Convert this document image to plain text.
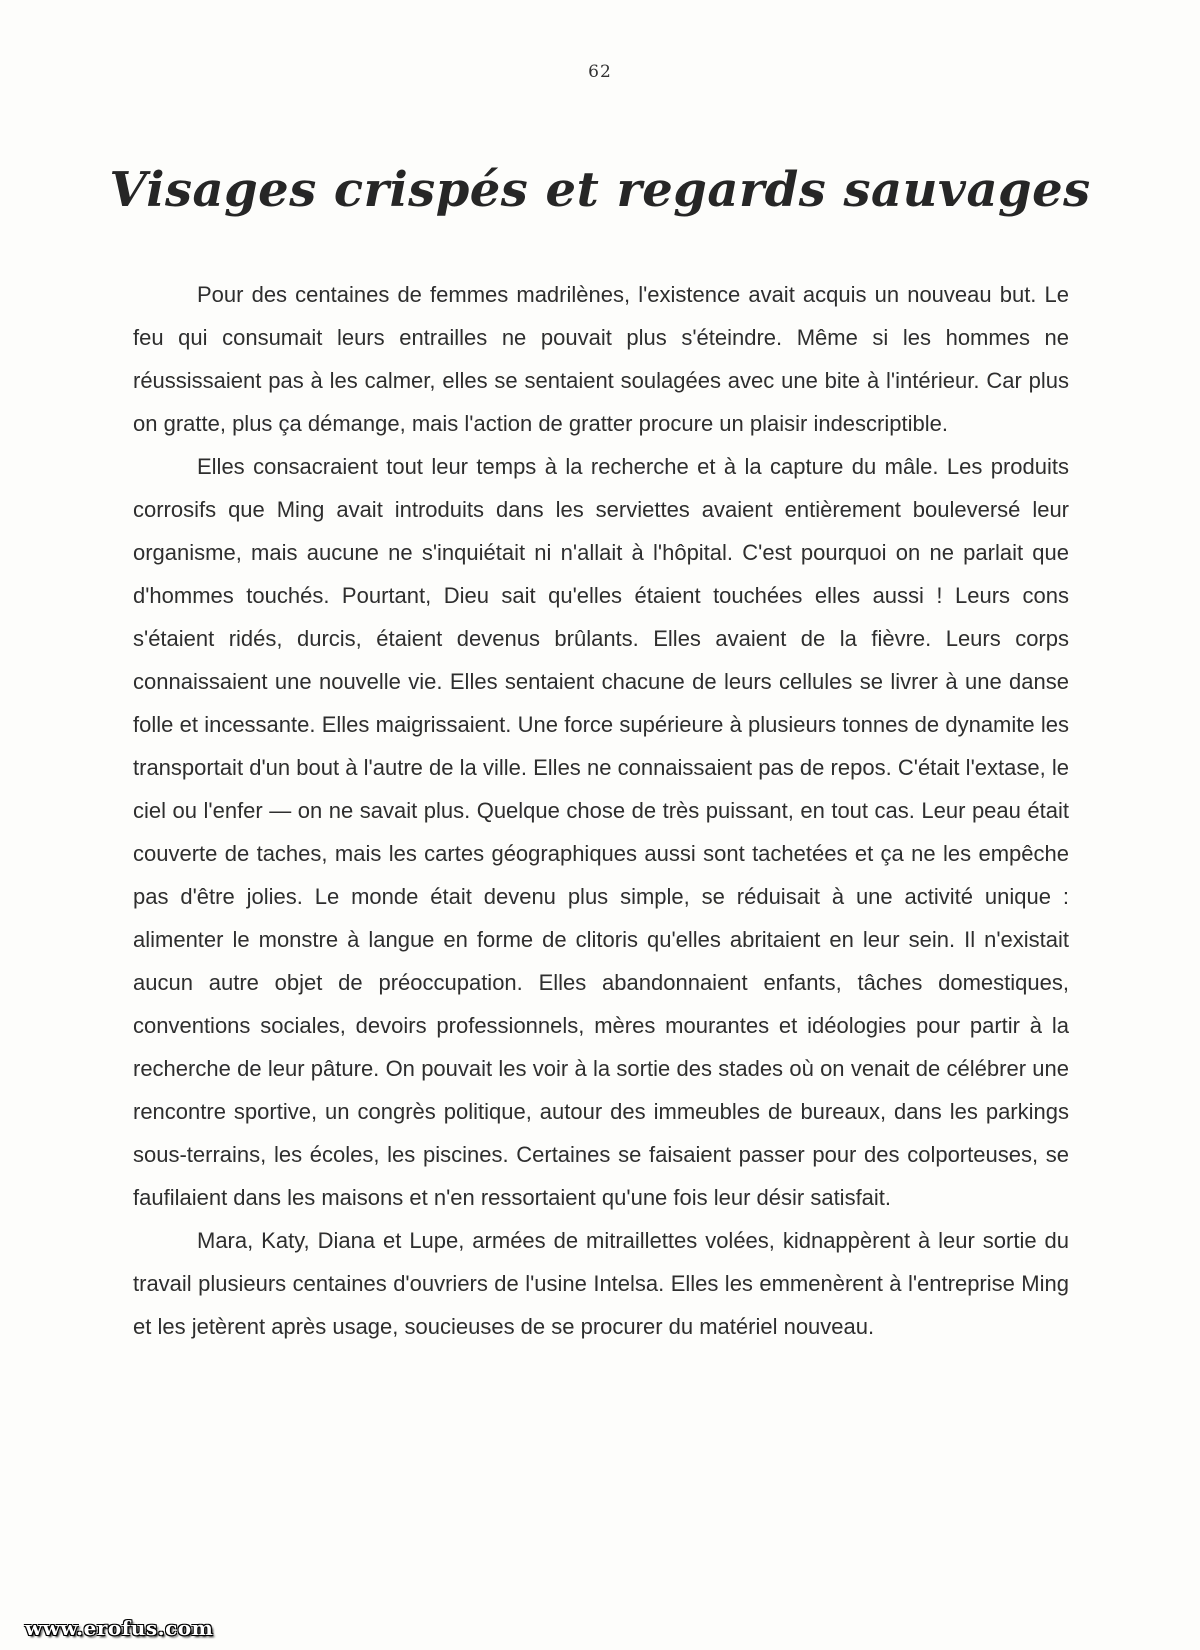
62
Visages crispés et regards sauvages

Pour des centaines de femmes madrilènes, l'existence avait acquis un nouveau but. Le feu qui consumait leurs entrailles ne pouvait plus s'éteindre. Même si les hommes ne réussissaient pas à les calmer, elles se sentaient soulagées avec une bite à l'intérieur. Car plus on gratte, plus ça démange, mais l'action de gratter procure un plaisir indescriptible.

Elles consacraient tout leur temps à la recherche et à la capture du mâle. Les produits corrosifs que Ming avait introduits dans les serviettes avaient entièrement bouleversé leur organisme, mais aucune ne s'inquiétait ni n'allait à l'hôpital. C'est pourquoi on ne parlait que d'hommes touchés. Pourtant, Dieu sait qu'elles étaient touchées elles aussi ! Leurs cons s'étaient ridés, durcis, étaient devenus brûlants. Elles avaient de la fièvre. Leurs corps connaissaient une nouvelle vie. Elles sentaient chacune de leurs cellules se livrer à une danse folle et incessante. Elles maigrissaient. Une force supérieure à plusieurs tonnes de dynamite les transportait d'un bout à l'autre de la ville. Elles ne connaissaient pas de repos. C'était l'extase, le ciel ou l'enfer — on ne savait plus. Quelque chose de très puissant, en tout cas. Leur peau était couverte de taches, mais les cartes géographiques aussi sont tachetées et ça ne les empêche pas d'être jolies. Le monde était devenu plus simple, se réduisait à une activité unique : alimenter le monstre à langue en forme de clitoris qu'elles abritaient en leur sein. Il n'existait aucun autre objet de préoccupation. Elles abandonnaient enfants, tâches domestiques, conventions sociales, devoirs professionnels, mères mourantes et idéologies pour partir à la recherche de leur pâture. On pouvait les voir à la sortie des stades où on venait de célébrer une rencontre sportive, un congrès politique, autour des immeubles de bureaux, dans les parkings sous-terrains, les écoles, les piscines. Certaines se faisaient passer pour des colporteuses, se faufilaient dans les maisons et n'en ressortaient qu'une fois leur désir satisfait.

Mara, Katy, Diana et Lupe, armées de mitraillettes volées, kidnappèrent à leur sortie du travail plusieurs centaines d'ouvriers de l'usine Intelsa. Elles les emmenèrent à l'entreprise Ming et les jetèrent après usage, soucieuses de se procurer du matériel nouveau.

www.erofus.com
